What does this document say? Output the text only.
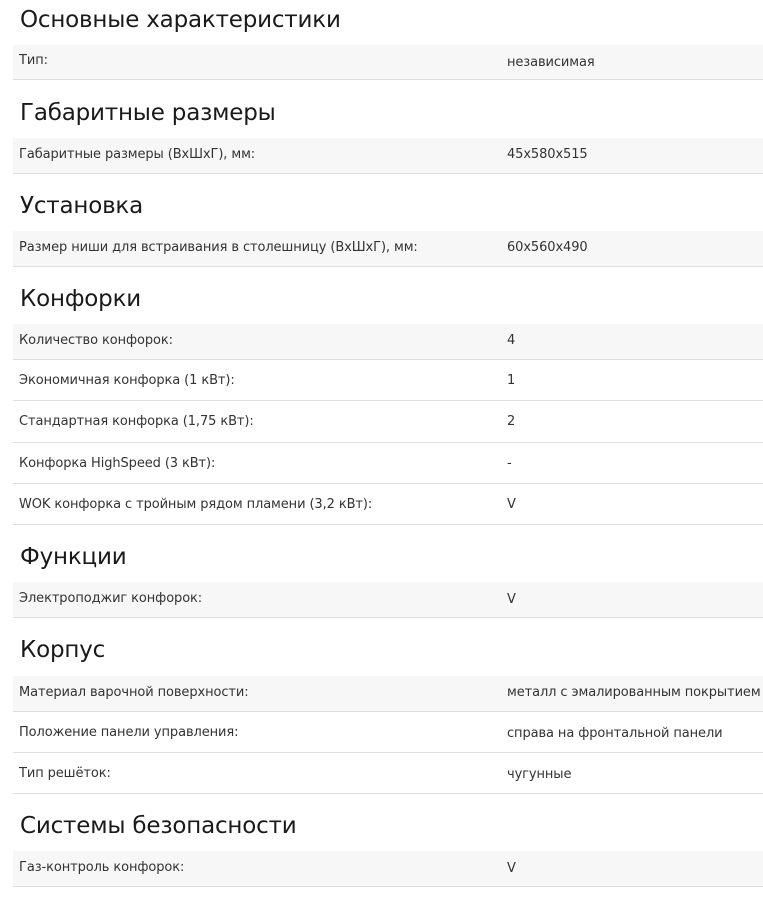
Основные характеристики
Тип:	независимая
Габаритные размеры
Габаритные размеры (ВхШхГ), мм:	45x580x515
Установка
Размер ниши для встраивания в столешницу (ВхШхГ), мм:	60x560x490
Конфорки
Количество конфорок:	4
Экономичная конфорка (1 кВт):	1
Стандартная конфорка (1,75 кВт):	2
Конфорка HighSpeed (3 кВт):	-
WOK конфорка с тройным рядом пламени (3,2 кВт):	V
Функции
Электроподжиг конфорок:	V
Корпус
Материал варочной поверхности:	металл с эмалированным покрытием
Положение панели управления:	справа на фронтальной панели
Тип решёток:	чугунные
Системы безопасности
Газ-контроль конфорок:	V
